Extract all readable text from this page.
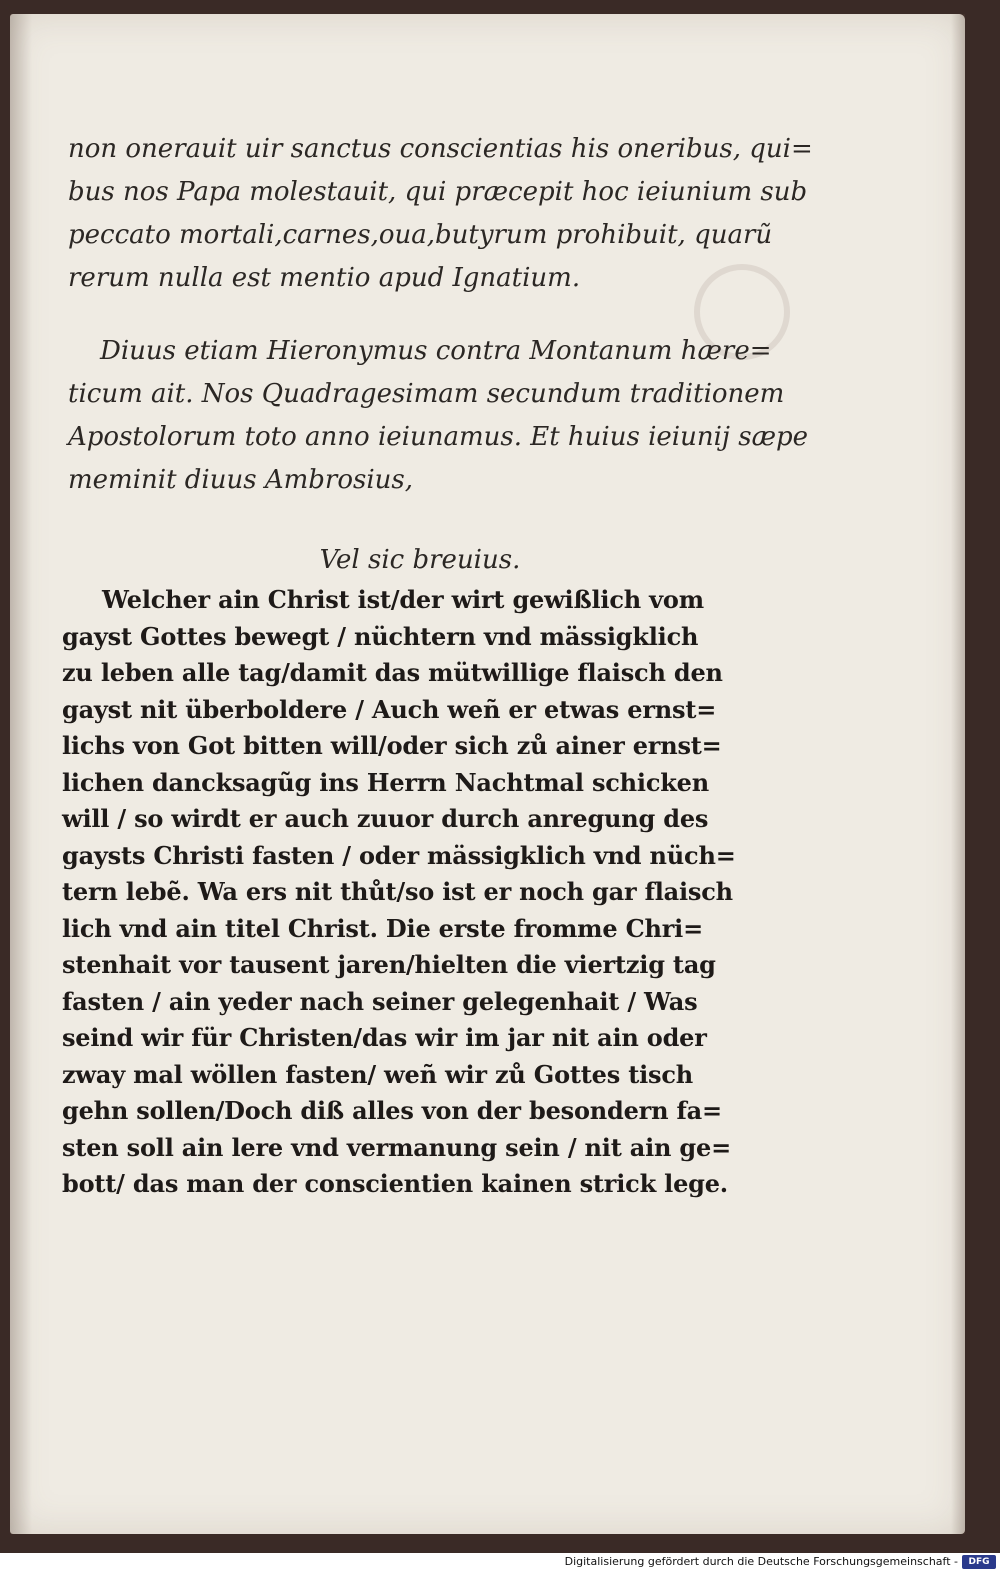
non onerauit uir sanctus conscientias his oneribus, qui=
bus nos Papa molestauit, qui præcepit hoc ieiunium sub
peccato mortali,carnes,oua,butyrum prohibuit, quarũ
rerum nulla est mentio apud Ignatium.
Diuus etiam Hieronymus contra Montanum hære=
ticum ait. Nos Quadragesimam secundum traditionem
Apostolorum toto anno ieiunamus. Et huius ieiunij sæpe
meminit diuus Ambrosius,
Vel sic breuius.
Welcher ain Christ ist/der wirt gewißlich vom
gayst Gottes bewegt / nüchtern vnd mässigklich
zu leben alle tag/damit das mütwillige flaisch den
gayst nit überboldere / Auch weñ er etwas ernst=
lichs von Got bitten will/oder sich zů ainer ernst=
lichen dancksagũg ins Herrn Nachtmal schicken
will / so wirdt er auch zuuor durch anregung des
gaysts Christi fasten / oder mässigklich vnd nüch=
tern lebẽ. Wa ers nit thůt/so ist er noch gar flaisch
lich vnd ain titel Christ. Die erste fromme Chri=
stenhait vor tausent jaren/hielten die viertzig tag
fasten / ain yeder nach seiner gelegenhait / Was
seind wir für Christen/das wir im jar nit ain oder
zway mal wöllen fasten/ weñ wir zů Gottes tisch
gehn sollen/Doch diß alles von der besondern fa=
sten soll ain lere vnd vermanung sein / nit ain ge=
bott/ das man der conscientien kainen strick lege.
Digitalisierung gefördert durch die Deutsche Forschungsgemeinschaft -	DFG
